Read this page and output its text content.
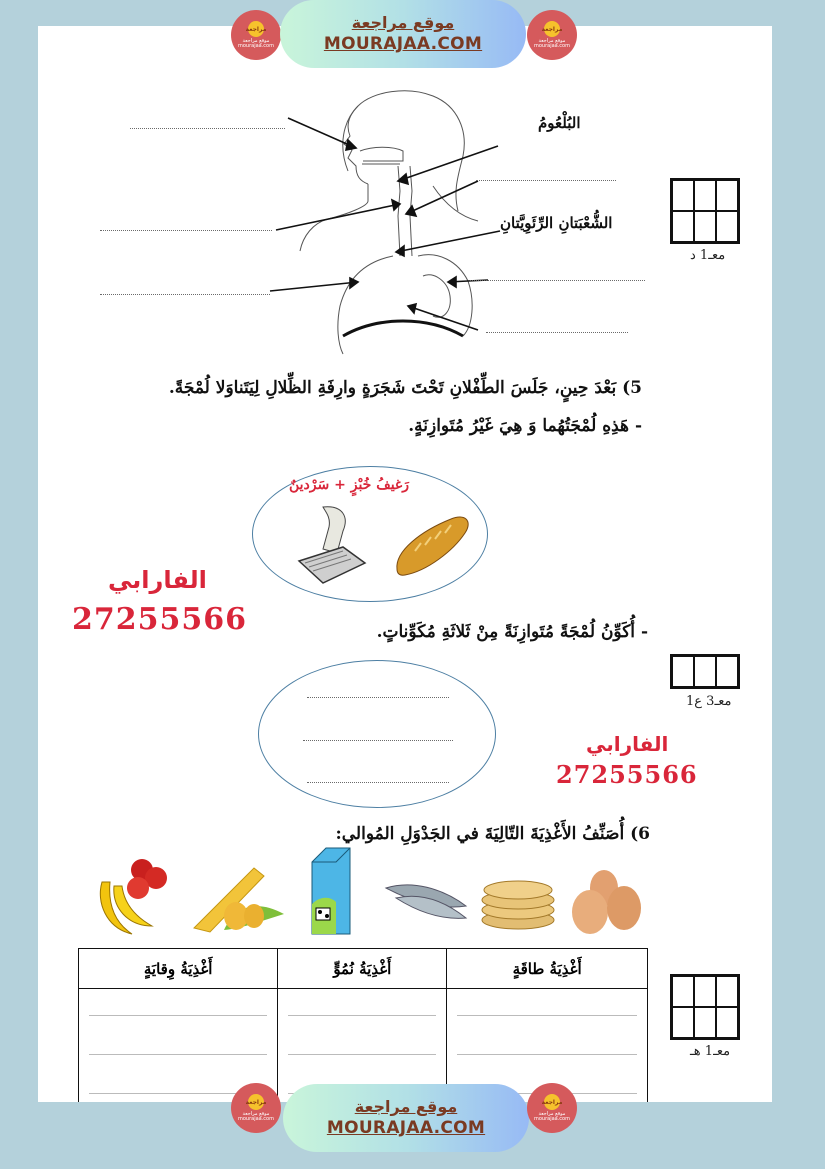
مراجعة
موقع مراجعة mourajaa.com
موقع مراجعة
MOURAJAA.COM
مراجعة
موقع مراجعة mourajaa.com
البُلْعُومُ
الشُّعْبَتانِ الرِّئَوِيَّتانِ
معـ1 د
5) بَعْدَ حِينٍ، جَلَسَ الطِّفْلانِ تَحْتَ شَجَرَةٍ وارِفَةِ الظِّلالِ لِيَتَناوَلا لُمْجَةً.
- هَذِهِ لُمْجَتُهُما وَ هِيَ غَيْرُ مُتَوازِنَةٍ.
رَغيفُ خُبْزٍ + سَرْدينٌ
الفارابي
27255566	- أُكَوِّنُ لُمْجَةً مُتَوازِنَةً مِنْ ثَلاثَةِ مُكَوِّناتٍ.
معـ3 ع1
الفارابي
27255566
6) أُصَنِّفُ الأَغْذِيَةَ التّالِيَةَ في الجَدْوَلِ المُوالي:
أَغْذِيَةُ طاقَةٍ	أَغْذِيَةُ نُمُوٍّ	أَغْذِيَةُ وِقايَةٍ

معـ1 هـ
مراجعة
موقع مراجعة mourajaa.com
موقع مراجعة
MOURAJAA.COM
مراجعة
موقع مراجعة mourajaa.com
